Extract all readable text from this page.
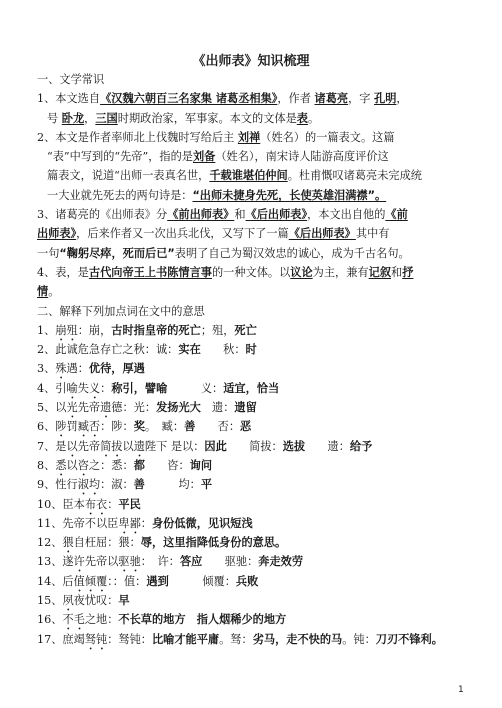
《出师表》知识梳理
一、文学常识
1、本文选自《汉魏六朝百三名家集 诸葛丞相集》，作者 诸葛亮，字 孔明，
号 卧龙，三国时期政治家，军事家。本文的文体是表。
2、本文是作者率师北上伐魏时写给后主 刘禅（姓名）的一篇表文。这篇
“表”中写到的“先帝”，指的是刘备（姓名），南宋诗人陆游高度评价这
篇表文，说道“出师一表真名世，千载谁堪伯仲间。杜甫慨叹诸葛亮未完成统
一大业就先死去的两句诗是：“出师未捷身先死，长使英雄泪满襟”。
3、诸葛亮的《出师表》分《前出师表》和《后出师表》，本文出自他的《前
出师表》，后来作者又一次出兵北伐，又写下了一篇《后出师表》其中有
一句“鞠躬尽瘁，死而后已”表明了自己为蜀汉效忠的诚心，成为千古名句。
4、表，是古代向帝王上书陈情言事的一种文体。以议论为主，兼有记叙和抒
情。
二、解释下列加点词在文中的意思
1、崩殂：崩，古时指皇帝的死亡；殂，死亡
2、此诚危急存亡之秋：诚：实在　　秋：时
3、殊遇：优待，厚遇
4、引喻失义：称引，譬喻　　　义：适宜，恰当
5、以光先帝遗德：光：发扬光大　遗：遗留
6、陟罚臧否：陟：奖。　臧：善　　否：恶
7、是以先帝简拔以遗陛下 是以：因此　　简拔：选拔　　遗：给予
8、悉以咨之：悉：都　　咨：询问
9、性行淑均：淑：善　　　均：平
10、臣本布衣：平民
11、先帝不以臣卑鄙：身份低微，见识短浅
12、猥自枉屈：猥：辱，这里指降低身份的意思。
13、遂许先帝以驱驰：　许：答应　　驱驰：奔走效劳
14、后值倾覆：：值：遇到　　　倾覆：兵败
15、夙夜忧叹：早
16、不毛之地：不长草的地方　指人烟稀少的地方
17、庶竭驽钝：驽钝：比喻才能平庸。驽：劣马，走不快的马。钝：刀刃不锋利。
1
